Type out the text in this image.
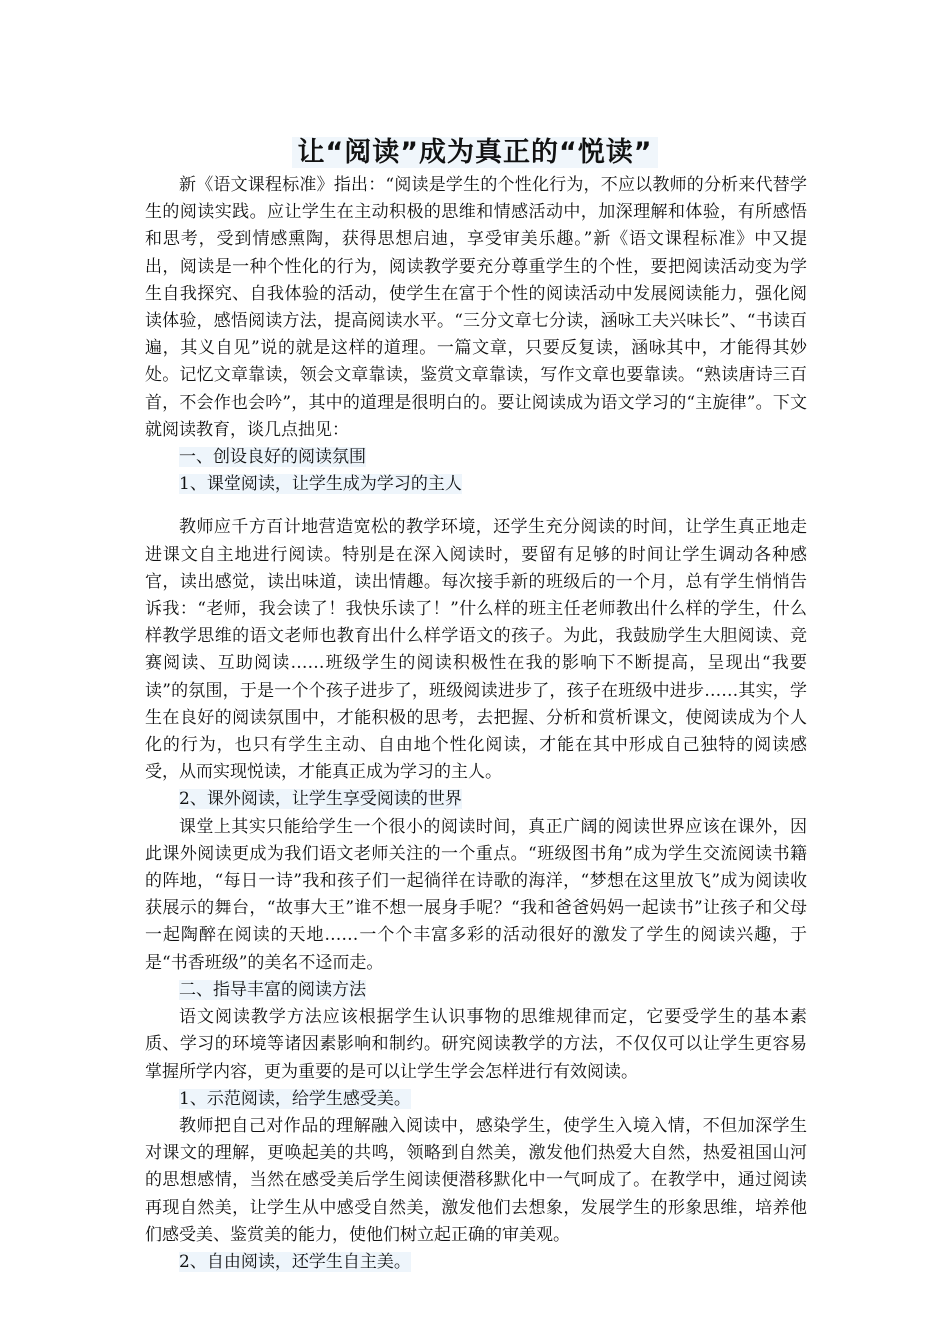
让“阅读”成为真正的“悦读”

新《语文课程标准》指出：“阅读是学生的个性化行为，不应以教师的分析来代替学生的阅读实践。应让学生在主动积极的思维和情感活动中，加深理解和体验，有所感悟和思考，受到情感熏陶，获得思想启迪，享受审美乐趣。”新《语文课程标准》中又提出，阅读是一种个性化的行为，阅读教学要充分尊重学生的个性，要把阅读活动变为学生自我探究、自我体验的活动，使学生在富于个性的阅读活动中发展阅读能力，强化阅读体验，感悟阅读方法，提高阅读水平。“三分文章七分读，涵咏工夫兴味长”、“书读百遍，其义自见”说的就是这样的道理。一篇文章，只要反复读，涵咏其中，才能得其妙处。记忆文章靠读，领会文章靠读，鉴赏文章靠读，写作文章也要靠读。“熟读唐诗三百首，不会作也会吟”，其中的道理是很明白的。要让阅读成为语文学习的“主旋律”。下文就阅读教育，谈几点拙见：

一、创设良好的阅读氛围

1、课堂阅读，让学生成为学习的主人

教师应千方百计地营造宽松的教学环境，还学生充分阅读的时间，让学生真正地走进课文自主地进行阅读。特别是在深入阅读时，要留有足够的时间让学生调动各种感官，读出感觉，读出味道，读出情趣。每次接手新的班级后的一个月，总有学生悄悄告诉我：“老师，我会读了！我快乐读了！”什么样的班主任老师教出什么样的学生，什么样教学思维的语文老师也教育出什么样学语文的孩子。为此，我鼓励学生大胆阅读、竞赛阅读、互助阅读……班级学生的阅读积极性在我的影响下不断提高，呈现出“我要读”的氛围，于是一个个孩子进步了，班级阅读进步了，孩子在班级中进步……其实，学生在良好的阅读氛围中，才能积极的思考，去把握、分析和赏析课文，使阅读成为个人化的行为，也只有学生主动、自由地个性化阅读，才能在其中形成自己独特的阅读感受，从而实现悦读，才能真正成为学习的主人。

2、课外阅读，让学生享受阅读的世界

课堂上其实只能给学生一个很小的阅读时间，真正广阔的阅读世界应该在课外，因此课外阅读更成为我们语文老师关注的一个重点。“班级图书角”成为学生交流阅读书籍的阵地，“每日一诗”我和孩子们一起徜徉在诗歌的海洋，“梦想在这里放飞”成为阅读收获展示的舞台，“故事大王”谁不想一展身手呢？“我和爸爸妈妈一起读书”让孩子和父母一起陶醉在阅读的天地……一个个丰富多彩的活动很好的激发了学生的阅读兴趣，于是“书香班级”的美名不迳而走。

二、指导丰富的阅读方法

语文阅读教学方法应该根据学生认识事物的思维规律而定，它要受学生的基本素质、学习的环境等诸因素影响和制约。研究阅读教学的方法，不仅仅可以让学生更容易掌握所学内容，更为重要的是可以让学生学会怎样进行有效阅读。

1、示范阅读，给学生感受美。

教师把自己对作品的理解融入阅读中，感染学生，使学生入境入情，不但加深学生对课文的理解，更唤起美的共鸣，领略到自然美，激发他们热爱大自然，热爱祖国山河的思想感情，当然在感受美后学生阅读便潜移默化中一气呵成了。在教学中，通过阅读再现自然美，让学生从中感受自然美，激发他们去想象，发展学生的形象思维，培养他们感受美、鉴赏美的能力，使他们树立起正确的审美观。

2、自由阅读，还学生自主美。
